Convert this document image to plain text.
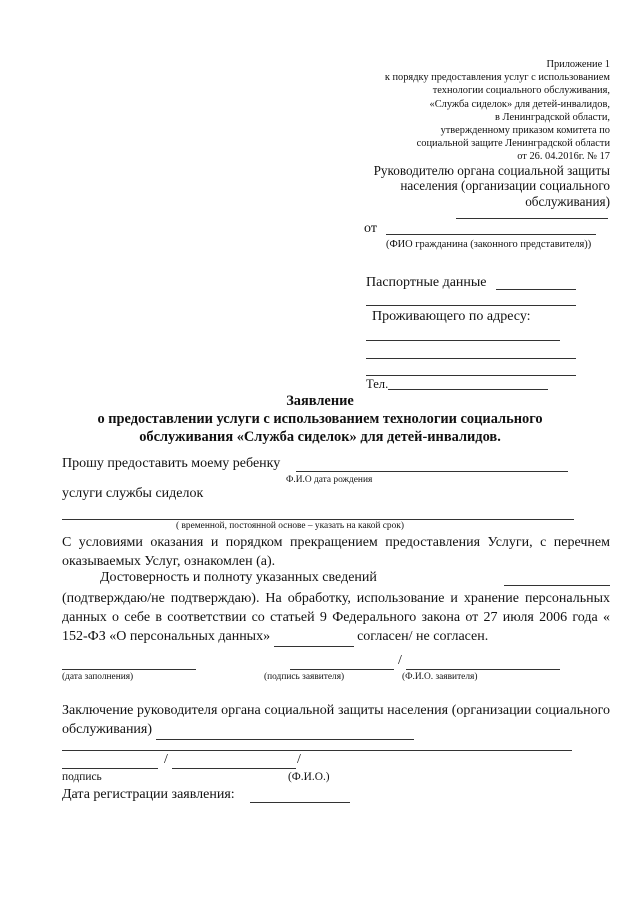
Приложение 1
к порядку предоставления услуг с использованием
технологии социального обслуживания,
«Служба сиделок» для детей-инвалидов,
в Ленинградской области,
утвержденному приказом комитета по
социальной защите Ленинградской области
от 26. 04.2016г. № 17
Руководителю органа социальной защиты
населения (организации социального
обслуживания)
от
(ФИО гражданина (законного представителя))
Паспортные данные
Проживающего по адресу:
Тел.
Заявление
о предоставлении услуги с использованием технологии социального
обслуживания «Служба сиделок» для детей-инвалидов.
Прошу предоставить моему ребенку
Ф.И.О дата рождения
услуги службы сиделок
( временной, постоянной основе – указать на какой срок)
С условиями оказания и порядком прекращением предоставления Услуги, с перечнем оказываемых Услуг, ознакомлен (а).
Достоверность и полноту указанных сведений
(подтверждаю/не подтверждаю). На обработку, использование и хранение персональных данных о себе в соответствии со статьей 9 Федерального закона от 27 июля 2006 года « 152-ФЗ «О персональных данных»	согласен/ не согласен.
(дата заполнения)
/
(подпись заявителя)	(Ф.И.О. заявителя)
Заключение руководителя органа социальной защиты населения (организации социального обслуживания)
/	/
подпись	(Ф.И.О.)
Дата регистрации заявления:
